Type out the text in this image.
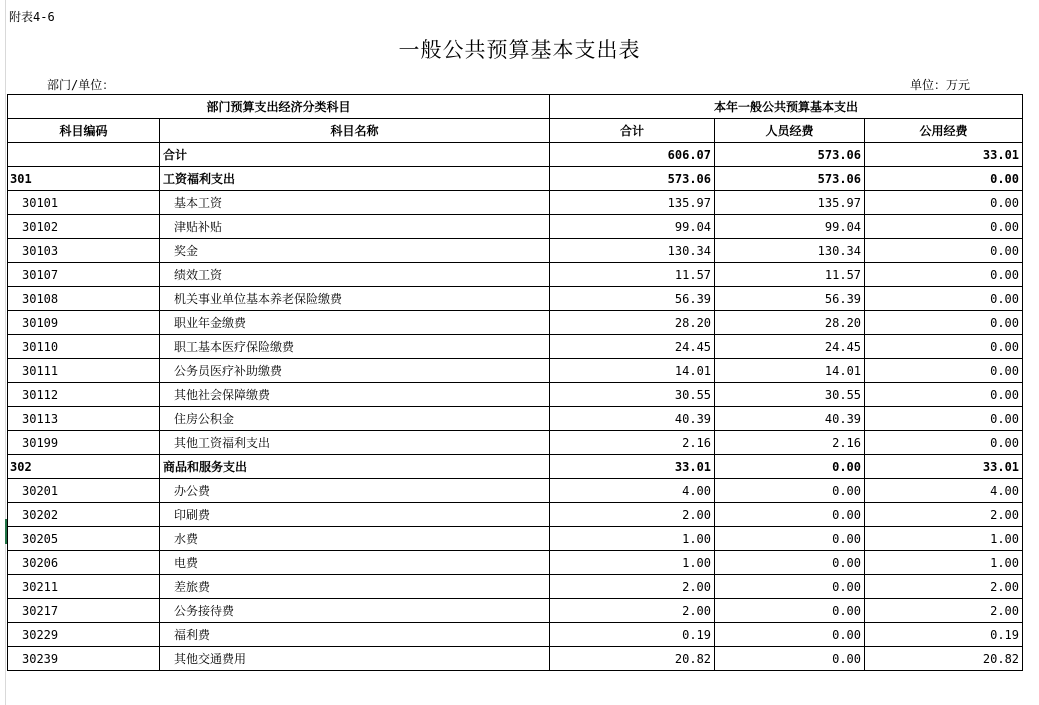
附表4-6
一般公共预算基本支出表
部门/单位：	单位：万元
部门预算支出经济分类科目		本年一般公共预算基本支出		
科目编码	科目名称	合计	人员经费	公用经费
	合计	606.07	573.06	33.01
301	工资福利支出	573.06	573.06	0.00
30101	基本工资	135.97	135.97	0.00
30102	津贴补贴	99.04	99.04	0.00
30103	奖金	130.34	130.34	0.00
30107	绩效工资	11.57	11.57	0.00
30108	机关事业单位基本养老保险缴费	56.39	56.39	0.00
30109	职业年金缴费	28.20	28.20	0.00
30110	职工基本医疗保险缴费	24.45	24.45	0.00
30111	公务员医疗补助缴费	14.01	14.01	0.00
30112	其他社会保障缴费	30.55	30.55	0.00
30113	住房公积金	40.39	40.39	0.00
30199	其他工资福利支出	2.16	2.16	0.00
302	商品和服务支出	33.01	0.00	33.01
30201	办公费	4.00	0.00	4.00
30202	印刷费	2.00	0.00	2.00
30205	水费	1.00	0.00	1.00
30206	电费	1.00	0.00	1.00
30211	差旅费	2.00	0.00	2.00
30217	公务接待费	2.00	0.00	2.00
30229	福利费	0.19	0.00	0.19
30239	其他交通费用	20.82	0.00	20.82
